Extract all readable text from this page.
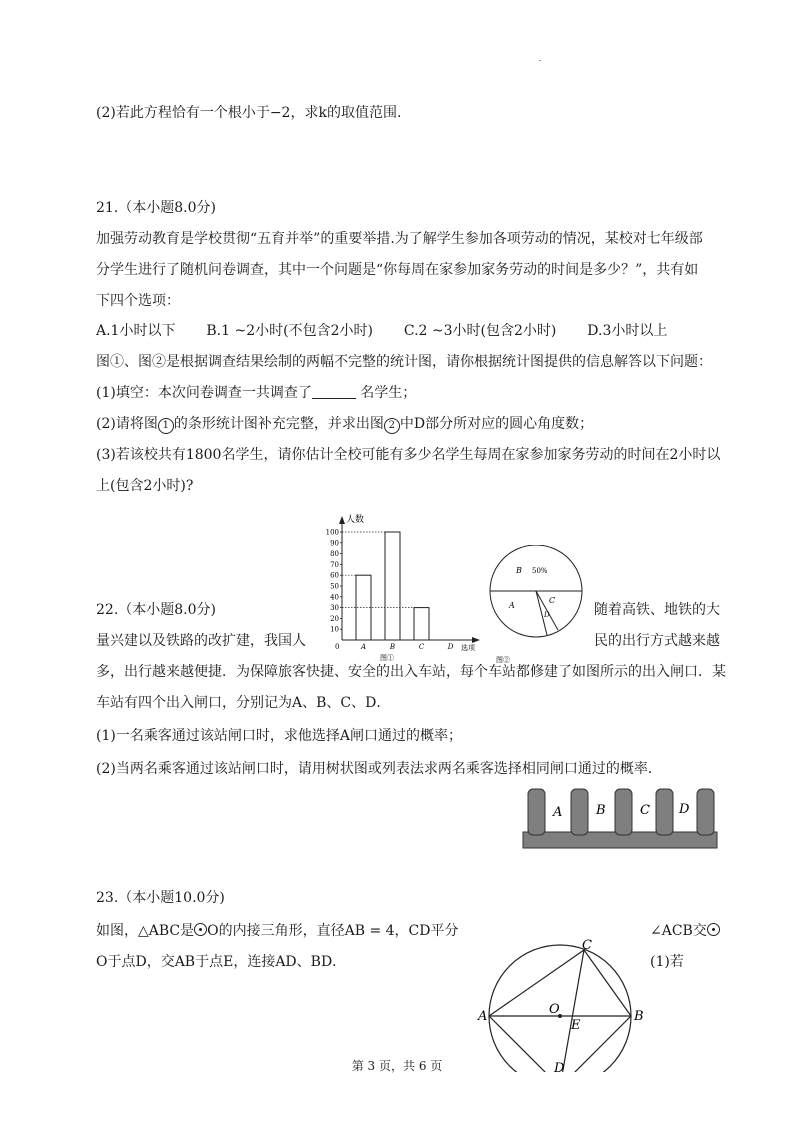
(2)若此方程恰有一个根小于−2，求k的取值范围.
21.（本小题8.0分)
加强劳动教育是学校贯彻“五育并举”的重要举措.为了解学生参加各项劳动的情况，某校对七年级部
分学生进行了随机问卷调查，其中一个问题是“你每周在家参加家务劳动的时间是多少？”，共有如
下四个选项：
A.1小时以下 B.1 ~2小时(不包含2小时) C.2 ~3小时(包含2小时) D.3小时以上
图①、图②是根据调查结果绘制的两幅不完整的统计图，请你根据统计图提供的信息解答以下问题：
(1)填空：本次问卷调查一共调查了	名学生；
(2)请将图 1 的条形统计图补充完整，并求出图 2 中D部分所对应的圆心角度数；
(3)若该校共有1800名学生，请你估计全校可能有多少名学生每周在家参加家务劳动的时间在2小时以
上(包含2小时)?
人数
选项
图①
0
100
90
80
70
60
50
40
30
20
10
A	B	C	D
B 50%
A
C
D
图②
22.（本小题8.0分)	随着高铁、地铁的大
量兴建以及铁路的改扩建，我国人	民的出行方式越来越
多，出行越来越便捷．为保障旅客快捷、安全的出入车站，每个车站都修建了如图所示的出入闸口．某
车站有四个出入闸口，分别记为A、B、C、D．
(1)一名乘客通过该站闸口时，求他选择A闸口通过的概率；
(2)当两名乘客通过该站闸口时，请用树状图或列表法求两名乘客选择相同闸口通过的概率．
A	B	C D
23.（本小题10.0分)
如图，△ABC是 O的内接三角形，直径AB = 4，CD平分	∠ACB交
O于点D，交AB于点E，连接AD、BD．	(1)若
A	B
C
D
E
O
第 3 页，共 6 页
